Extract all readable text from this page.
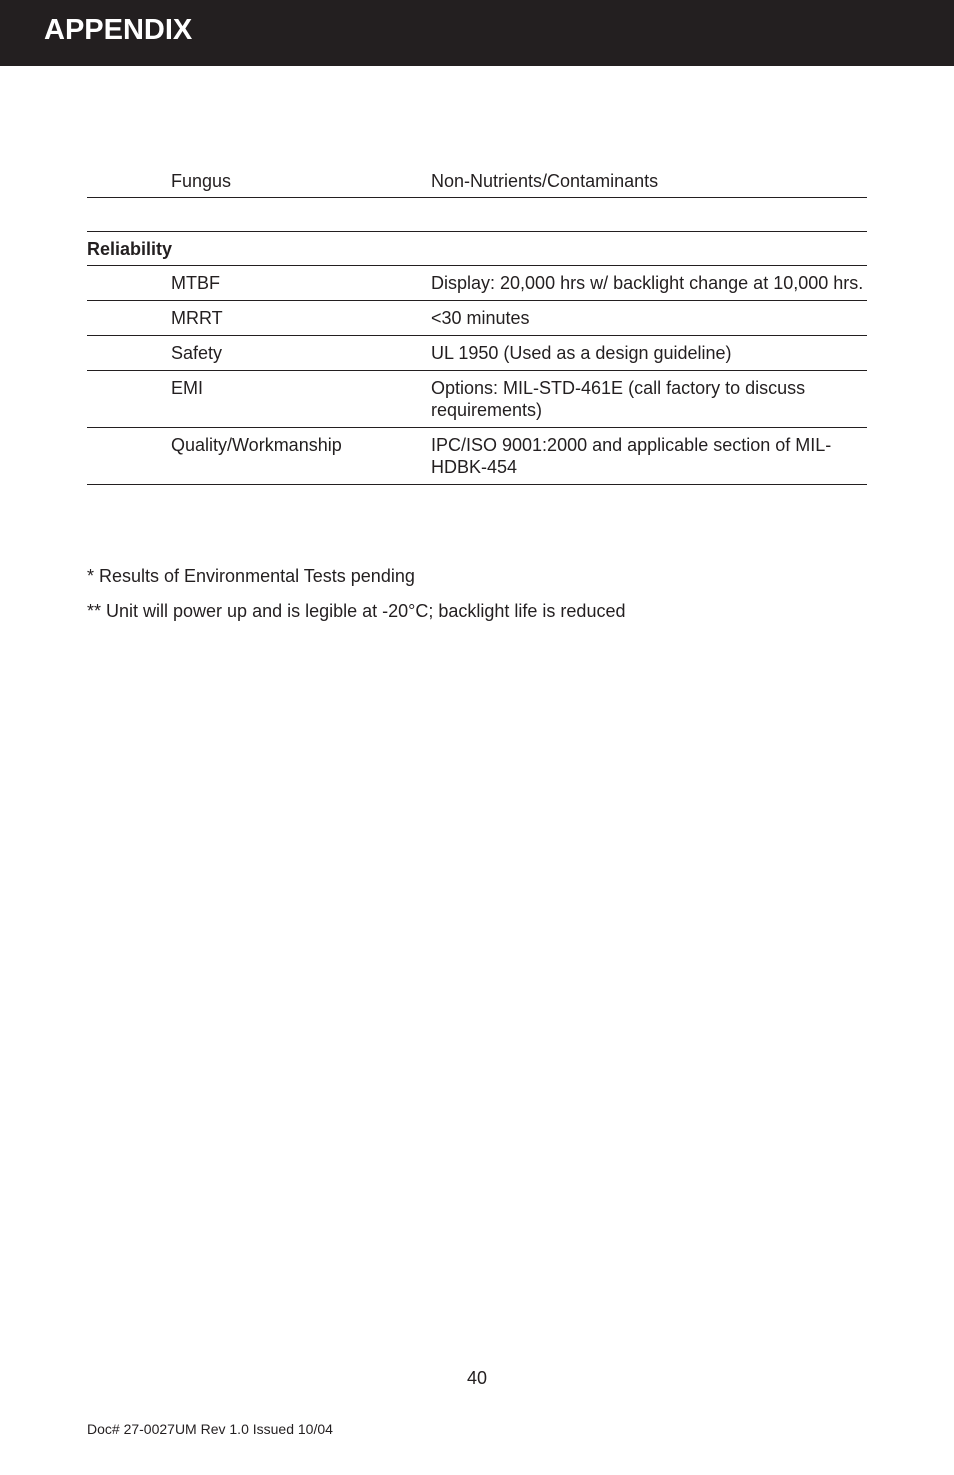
APPENDIX
Fungus	Non-Nutrients/Contaminants
Reliability
MTBF	Display: 20,000 hrs w/ backlight change at 10,000 hrs.
MRRT	<30 minutes
Safety	UL 1950 (Used as a design guideline)
EMI	Options: MIL-STD-461E (call factory to discuss requirements)
Quality/Workmanship	IPC/ISO 9001:2000 and applicable section of MIL-HDBK-454
* Results of Environmental Tests pending
** Unit will power up and is legible at -20°C; backlight life is reduced
40
Doc# 27-0027UM Rev 1.0 Issued 10/04
